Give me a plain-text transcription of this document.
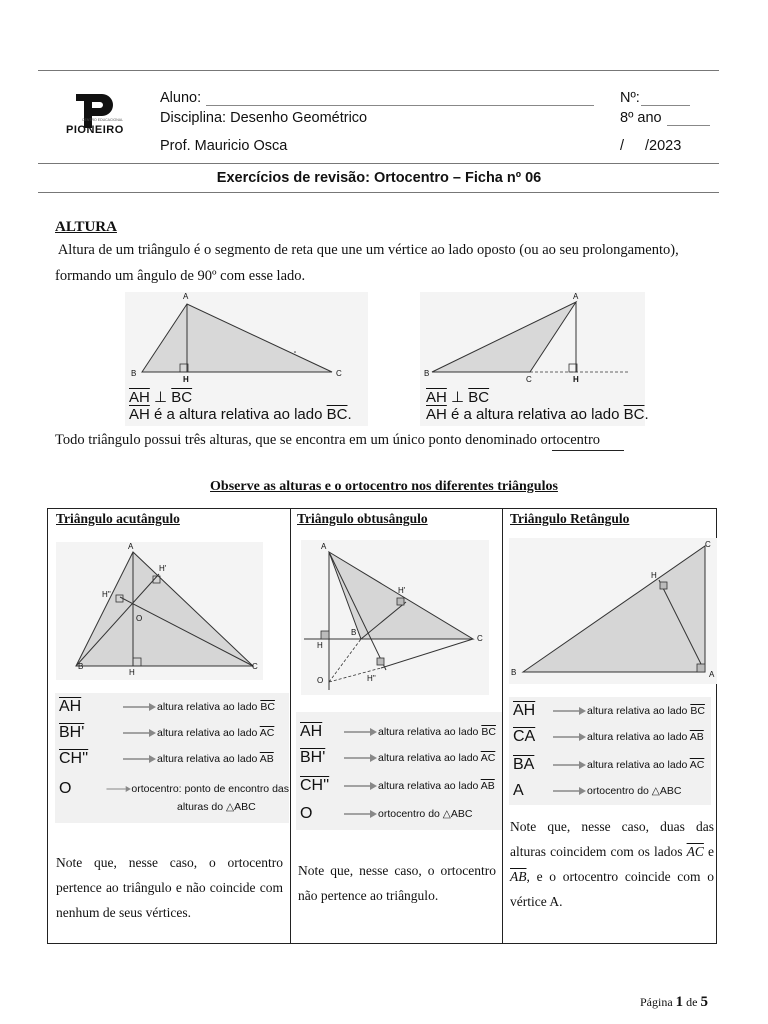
CENTRO EDUCACIONAL
PIONEIRO
Aluno:
Disciplina: Desenho Geométrico
Prof. Mauricio Osca
Nº:
8º ano
/ /2023
Exercícios de revisão: Ortocentro – Ficha nº 06
ALTURA
Altura de um triângulo é o segmento de reta que une um vértice ao lado oposto (ou ao seu prolongamento),
formando um ângulo de 90º com esse lado.
A
B	C
H
$\overline{AH}$ ⊥ $\overline{BC}$
$\overline{AH}$ é a altura relativa ao lado $\overline{BC}$.
A
B
C	H
$\overline{AH}$ ⊥ $\overline{BC}$
$\overline{AH}$ é a altura relativa ao lado $\overline{BC}$.
Todo triângulo possui três alturas, que se encontra em um único ponto denominado ortocentro
Observe as alturas e o ortocentro nos diferentes triângulos
Triângulo acutângulo
A
B	C
H
H'
H''
O
$\overline{AH}$	altura relativa ao lado $\overline{BC}$
BH'	altura relativa ao lado $\overline{AC}$
CH''	altura relativa ao lado $\overline{AB}$
O	ortocentro: ponto de encontro das
alturas do △ABC
Note que, nesse caso, o ortocentro pertence ao triângulo e não coincide com nenhum de seus vértices.
Triângulo obtusângulo
A
B
C
H
H'
H''
O
$\overline{AH}$	altura relativa ao lado $\overline{BC}$
BH'	altura relativa ao lado $\overline{AC}$
CH''	altura relativa ao lado $\overline{AB}$
O	ortocentro do △ABC
Note que, nesse caso, o ortocentro não pertence ao triângulo.
Triângulo Retângulo
C
B	A
H
$\overline{AH}$	altura relativa ao lado $\overline{BC}$
$\overline{CA}$	altura relativa ao lado $\overline{AB}$
$\overline{BA}$	altura relativa ao lado $\overline{AC}$
A	ortocentro do △ABC
Note que, nesse caso, duas das alturas coincidem com os lados $\overline{AC}$ e $\overline{AB}$, e o ortocentro coincide com o vértice A.
Página 1 de 5
